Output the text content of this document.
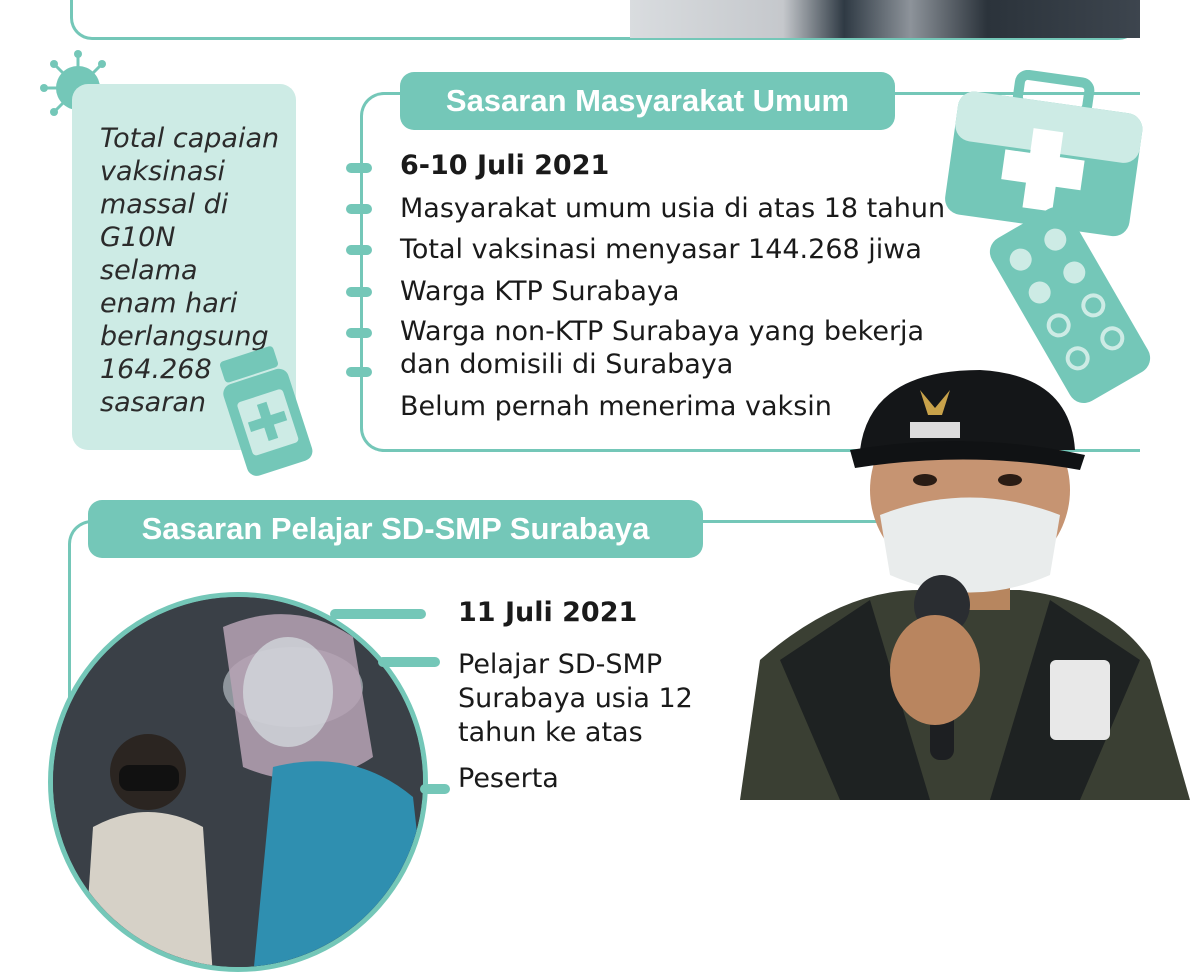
Total capaian vaksinasi massal di G10N selama enam hari berlangsung 164.268 sasaran
Sasaran Masyarakat Umum
6-10 Juli 2021
Masyarakat umum usia di atas 18 tahun
Total vaksinasi menyasar 144.268 jiwa
Warga KTP Surabaya
Warga non-KTP Surabaya yang bekerja dan domisili di Surabaya
Belum pernah menerima vaksin
Sasaran Pelajar SD-SMP Surabaya
11 Juli 2021
Pelajar SD-SMP Surabaya usia 12 tahun ke atas
Peserta
